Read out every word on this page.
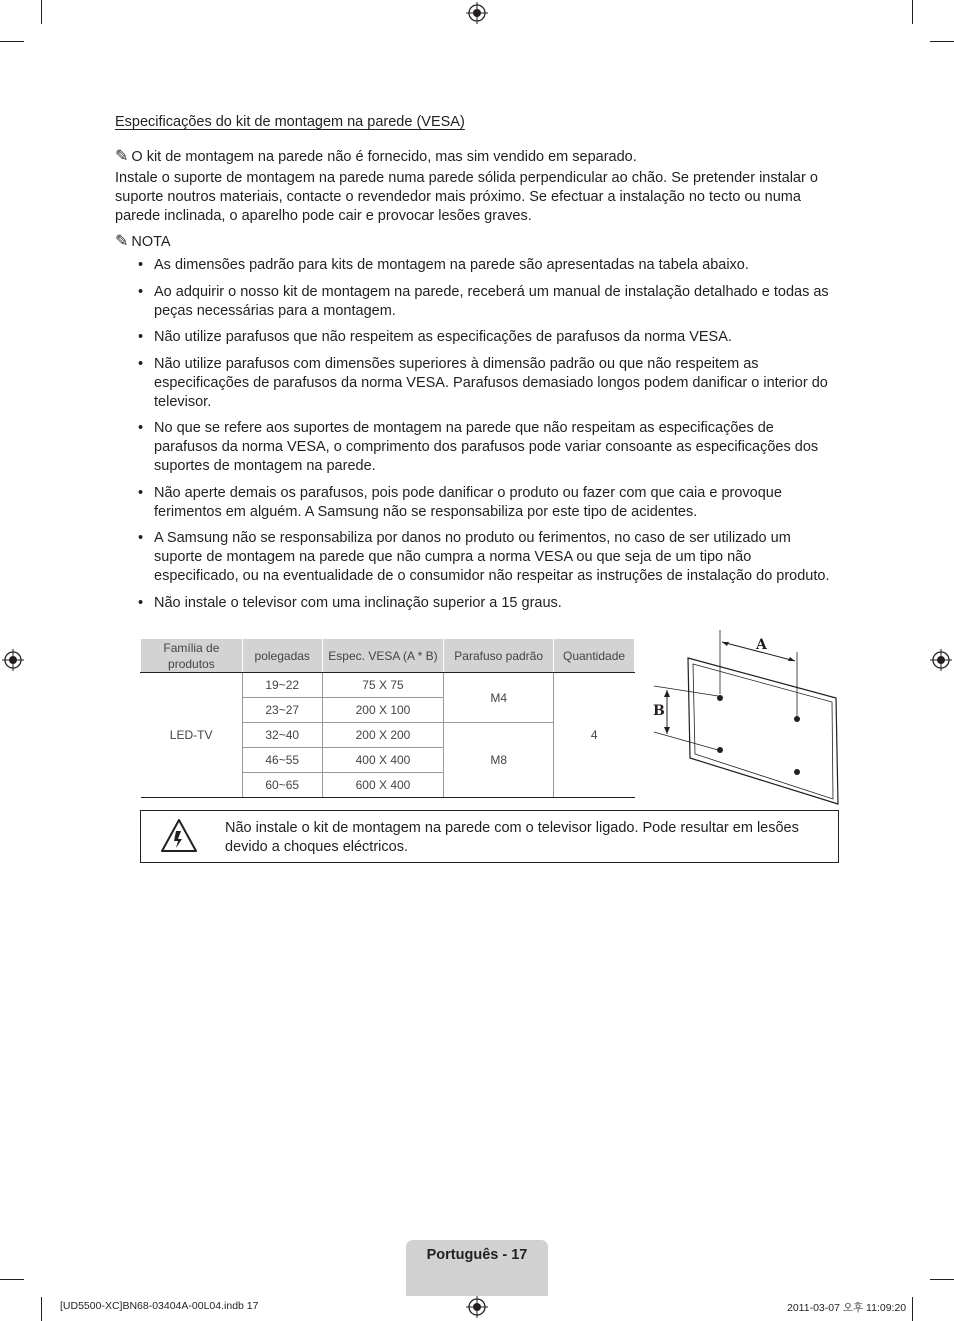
Especificações do kit de montagem na parede (VESA)
✎ O kit de montagem na parede não é fornecido, mas sim vendido em separado.

Instale o suporte de montagem na parede numa parede sólida perpendicular ao chão. Se pretender instalar o suporte noutros materiais, contacte o revendedor mais próximo. Se efectuar a instalação no tecto ou numa parede inclinada, o aparelho pode cair e provocar lesões graves.

✎ NOTA
• As dimensões padrão para kits de montagem na parede são apresentadas na tabela abaixo.
• Ao adquirir o nosso kit de montagem na parede, receberá um manual de instalação detalhado e todas as peças necessárias para a montagem.
• Não utilize parafusos que não respeitem as especificações de parafusos da norma VESA.
• Não utilize parafusos com dimensões superiores à dimensão padrão ou que não respeitem as especificações de parafusos da norma VESA. Parafusos demasiado longos podem danificar o interior do televisor.
• No que se refere aos suportes de montagem na parede que não respeitam as especificações de parafusos da norma VESA, o comprimento dos parafusos pode variar consoante as especificações dos suportes de montagem na parede.
• Não aperte demais os parafusos, pois pode danificar o produto ou fazer com que caia e provoque ferimentos em alguém. A Samsung não se responsabiliza por este tipo de acidentes.
• A Samsung não se responsabiliza por danos no produto ou ferimentos, no caso de ser utilizado um suporte de montagem na parede que não cumpra a norma VESA ou que seja de um tipo não especificado, ou na eventualidade de o consumidor não respeitar as instruções de instalação do produto.
• Não instale o televisor com uma inclinação superior a 15 graus.
Família de produtos	polegadas	Espec. VESA (A * B)	Parafuso padrão	Quantidade
LED-TV	19~22	75 X 75	M4	4
	23~27	200 X 100		
	32~40	200 X 200	M8	
	46~55	400 X 400		
	60~65	600 X 400		
A
B
Não instale o kit de montagem na parede com o televisor ligado. Pode resultar em lesões devido a choques eléctricos.
Português - 17
[UD5500-XC]BN68-03404A-00L04.indb 17	2011-03-07 오후 11:09:20
